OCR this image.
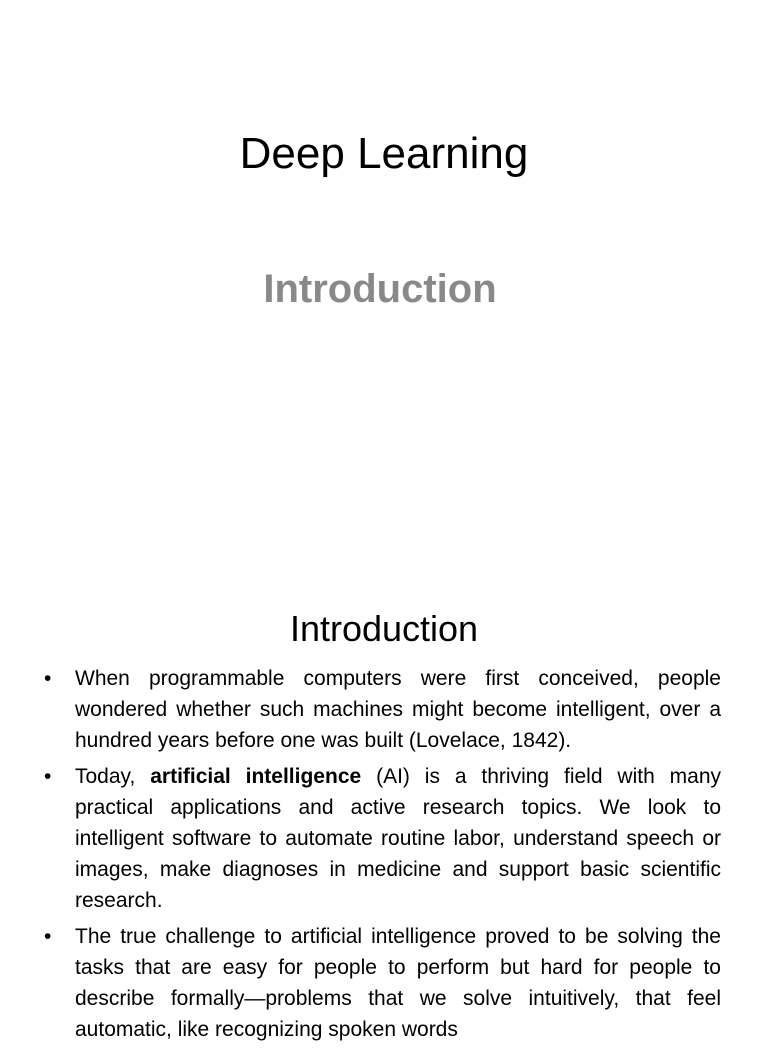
Deep Learning
Introduction
Introduction
• When programmable computers were first conceived, people wondered whether such machines might become intelligent, over a hundred years before one was built (Lovelace, 1842).
• Today, artificial intelligence (AI) is a thriving field with many practical applications and active research topics. We look to intelligent software to automate routine labor, understand speech or images, make diagnoses in medicine and support basic scientific research.
• The true challenge to artificial intelligence proved to be solving the tasks that are easy for people to perform but hard for people to describe formally—problems that we solve intuitively, that feel automatic, like recognizing spoken words
